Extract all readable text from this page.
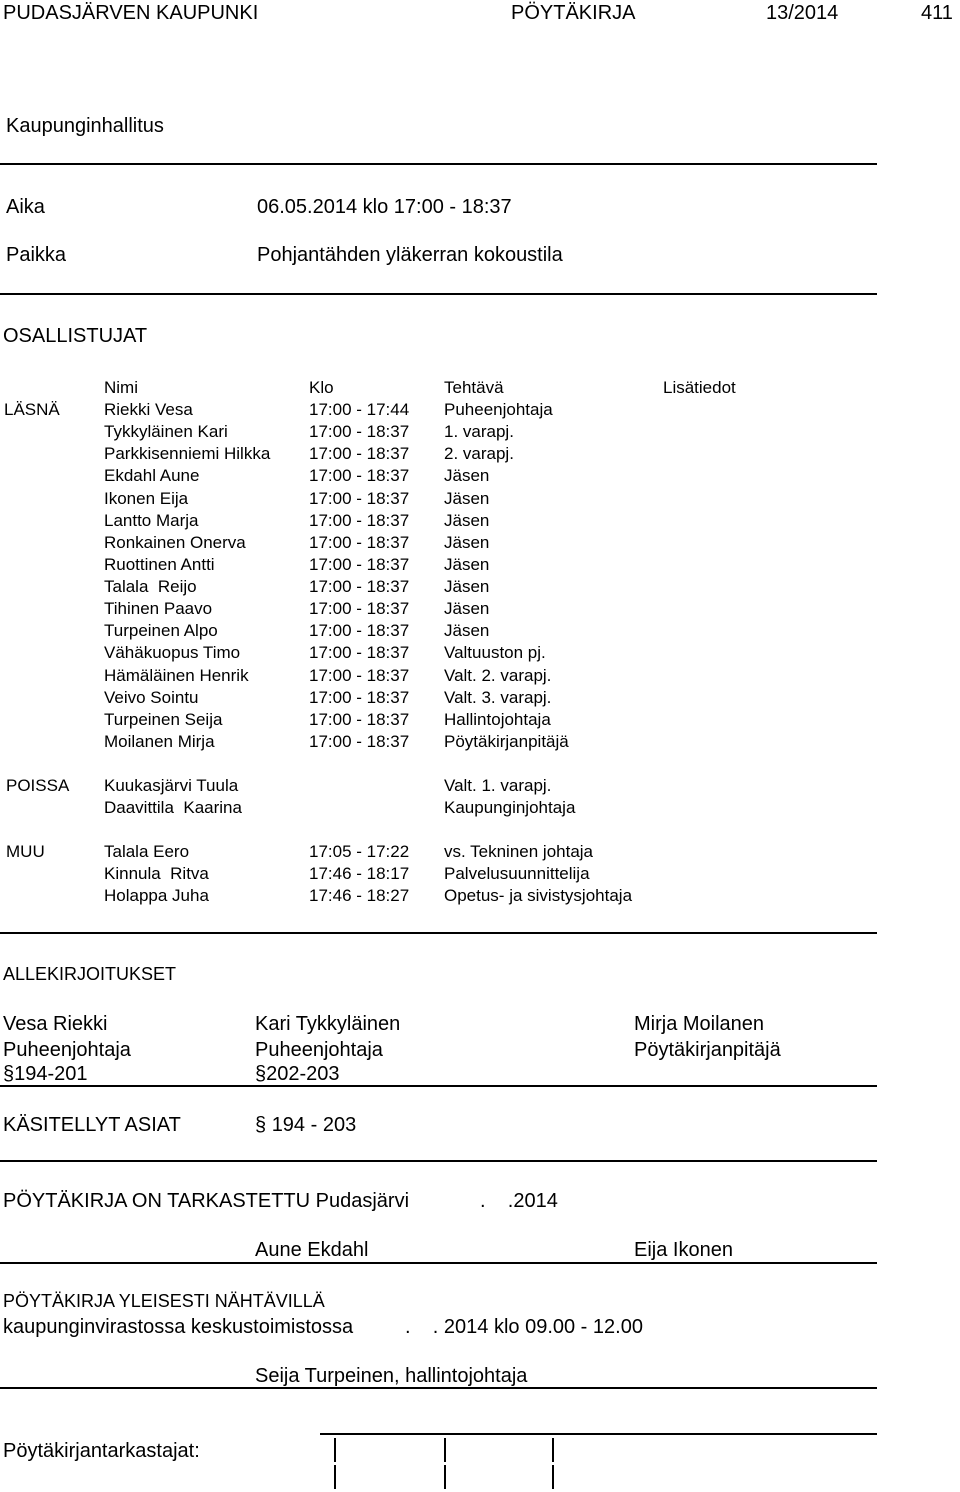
PUDASJÄRVEN KAUPUNKI	PÖYTÄKIRJA	13/2014	411
Kaupunginhallitus
Aika	06.05.2014 klo 17:00 - 18:37
Paikka	Pohjantähden yläkerran kokoustila
OSALLISTUJAT
Nimi	Klo	Tehtävä	Lisätiedot
LÄSNÄ	Riekki Vesa	17:00 - 17:44 Puheenjohtaja
Tykkyläinen Kari	17:00 - 18:37 1. varapj.
Parkkisenniemi Hilkka 17:00 - 18:37 2. varapj.
Ekdahl Aune	17:00 - 18:37 Jäsen
Ikonen Eija	17:00 - 18:37 Jäsen
Lantto Marja	17:00 - 18:37 Jäsen
Ronkainen Onerva	17:00 - 18:37 Jäsen
Ruottinen Antti	17:00 - 18:37 Jäsen
Talala  Reijo	17:00 - 18:37 Jäsen
Tihinen Paavo	17:00 - 18:37 Jäsen
Turpeinen Alpo	17:00 - 18:37 Jäsen
Vähäkuopus Timo	17:00 - 18:37 Valtuuston pj.
Hämäläinen Henrik	17:00 - 18:37 Valt. 2. varapj.
Veivo Sointu	17:00 - 18:37 Valt. 3. varapj.
Turpeinen Seija	17:00 - 18:37 Hallintojohtaja
Moilanen Mirja	17:00 - 18:37 Pöytäkirjanpitäjä
POISSA Kuukasjärvi Tuula	Valt. 1. varapj.
Daavittila  Kaarina	Kaupunginjohtaja
MUU	Talala Eero	17:05 - 17:22 vs. Tekninen johtaja
Kinnula  Ritva	17:46 - 18:17 Palvelusuunnittelija
Holappa Juha	17:46 - 18:27 Opetus- ja sivistysjohtaja
ALLEKIRJOITUKSET
Vesa Riekki	Kari Tykkyläinen	Mirja Moilanen
Puheenjohtaja	Puheenjohtaja	Pöytäkirjanpitäjä
§194-201	§202-203
KÄSITELLYT ASIAT	§ 194 - 203
PÖYTÄKIRJA ON TARKASTETTU Pudasjärvi	.    .2014
Aune Ekdahl	Eija Ikonen
PÖYTÄKIRJA YLEISESTI NÄHTÄVILLÄ
kaupunginvirastossa keskustoimistossa	.    . 2014 klo 09.00 - 12.00
Seija Turpeinen, hallintojohtaja
Pöytäkirjantarkastajat:
